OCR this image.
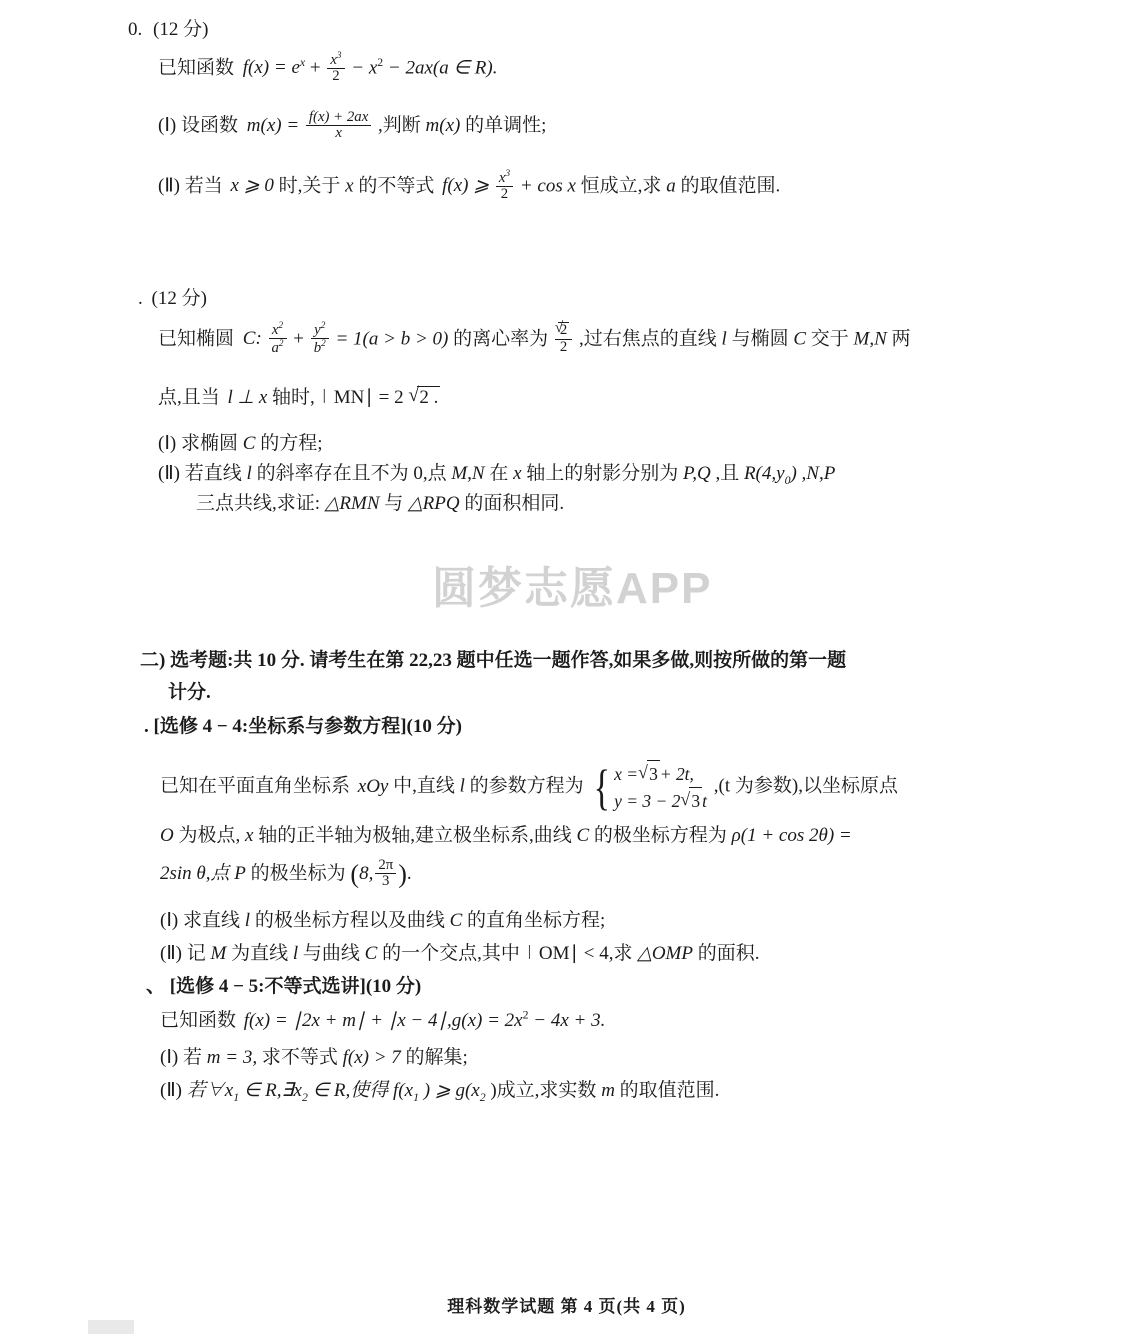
0. (12 分)
已知函数 $f(x) = e^x + \frac{x^3}{2} - x^2 - 2ax(a$ ∈ R).
(Ⅰ) 设函数 $m(x) = \frac{f(x) + 2ax}{x}$ ,判断 m(x) 的单调性;
(Ⅱ) 若当 x ⩾ 0 时,关于 x 的不等式 f(x) ⩾ $\frac{x^3}{2} + \cos x$ 恒成立,求 a 的取值范围.
. (12 分)
已知椭圆 C: $\frac{x^2}{a^2} + \frac{y^2}{b^2} = 1(a > b > 0)$ 的离心率为 √ $\frac{2}{2}$ ,过右焦点的直线 l 与椭圆 C 交于 M,N 两
点,且当 l ⊥ x 轴时,∣MN∣ = 2 √ 2 .
(Ⅰ) 求椭圆 C 的方程;
(Ⅱ) 若直线 l 的斜率存在且不为 0,点 M,N 在 x 轴上的射影分别为 P,Q ,且 $R(4,y_0)$ ,N,P
三点共线,求证: △RMN 与 △RPQ 的面积相同.
圆梦志愿APP
二) 选考题:共 10 分. 请考生在第 22,23 题中任选一题作答,如果多做,则按所做的第一题
计分.
. [选修 4 − 4:坐标系与参数方程](10 分)
已知在平面直角坐标系 xOy 中,直线 l 的参数方程为 { x = √ 3 + 2t,
y = 3 − 2 √ 3 t
,(t 为参数),以坐标原点
O 为极点, x 轴的正半轴为极轴,建立极坐标系,曲线 C 的极坐标方程为 ρ(1 + cos 2θ) =
2sin θ,点 P 的极坐标为 (8, $\frac{2\pi}{3}$ ).
(Ⅰ) 求直线 l 的极坐标方程以及曲线 C 的直角坐标方程;
(Ⅱ) 记 M 为直线 l 与曲线 C 的一个交点,其中∣OM∣ < 4,求 △OMP 的面积.
、 [选修 4 − 5:不等式选讲](10 分)
已知函数 f(x) = ∣2x + m∣ + ∣x − 4∣,g(x) = $2x^2 - 4x + 3$.
(Ⅰ) 若 m = 3, 求不等式 f(x) > 7 的解集;
(Ⅱ) 若$\forall x_1$ ∈ $R,\exists x_2$ ∈ R,使得 $f(x_1$ ) ⩾ $g(x_2$ )成立,求实数 m 的取值范围.
理科数学试题 第 4 页(共 4 页)
